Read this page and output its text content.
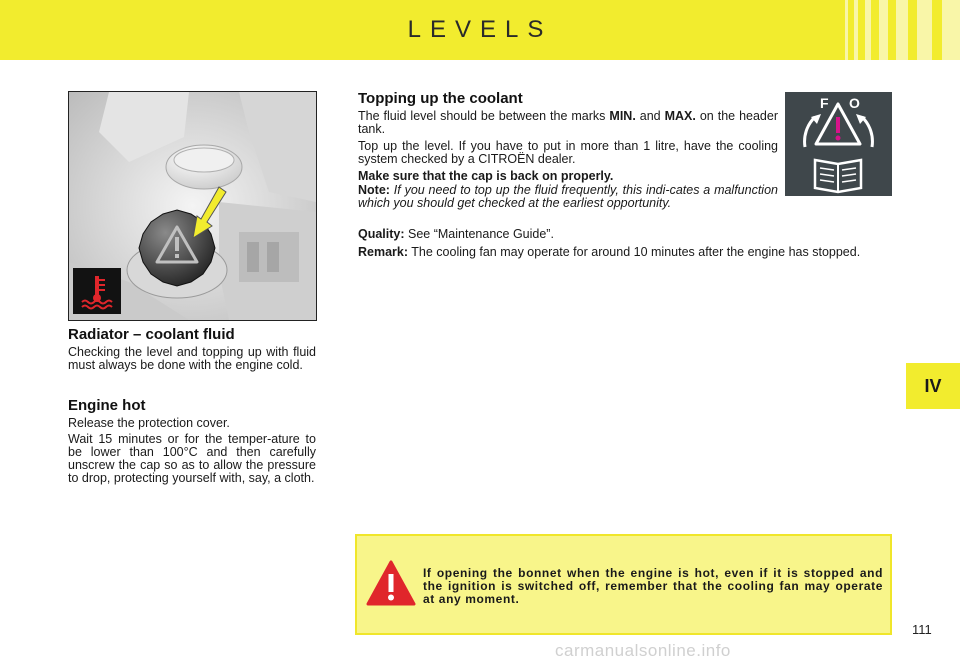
LEVELS
Radiator – coolant fluid

Checking the level and topping up with fluid must always be done with the engine cold.

Engine hot

Release the protection cover.

Wait 15 minutes or for the temper-ature to be lower than 100°C and then carefully unscrew the cap so as to allow the pressure to drop, protecting yourself with, say, a cloth.

Topping up the coolant

The fluid level should be between the marks MIN. and MAX. on the header tank.

Top up the level. If you have to put in more than 1 litre, have the cooling system checked by a CITROËN dealer.

Make sure that the cap is back on properly.

Note: If you need to top up the fluid frequently, this indi-cates a malfunction which you should get checked at the earliest opportunity.

Quality: See “Maintenance Guide”.

Remark: The cooling fan may operate for around 10 minutes after the engine has stopped.

F O
IV

If opening the bonnet when the engine is hot, even if it is stopped and the ignition is switched off, remember that the cooling fan may operate at any moment.

111
carmanualsonline.info
